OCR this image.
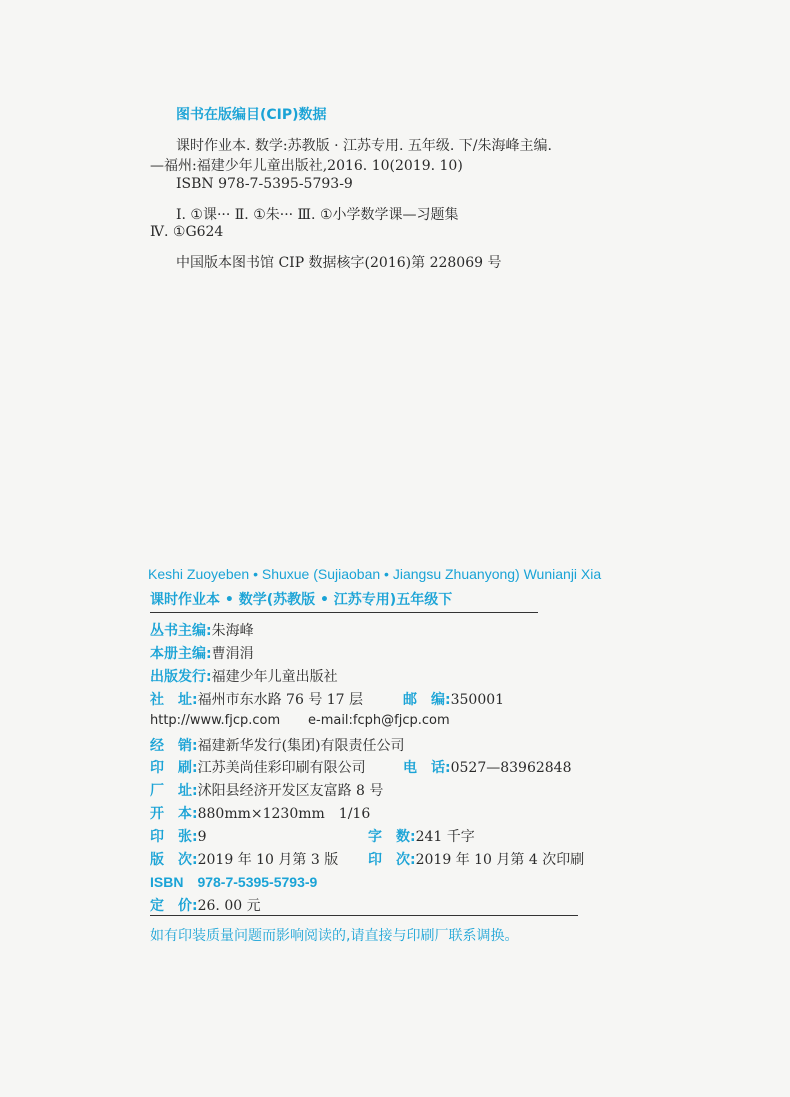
图书在版编目(CIP)数据
课时作业本. 数学:苏教版 · 江苏专用. 五年级. 下/朱海峰主编.
—福州:福建少年儿童出版社,2016. 10(2019. 10)
ISBN 978-7-5395-5793-9
Ⅰ. ①课··· Ⅱ. ①朱··· Ⅲ. ①小学数学课—习题集
Ⅳ. ①G624
中国版本图书馆 CIP 数据核字(2016)第 228069 号
Keshi Zuoyeben • Shuxue (Sujiaoban • Jiangsu Zhuanyong) Wunianji Xia
课时作业本 • 数学(苏教版 • 江苏专用)五年级下
丛书主编:朱海峰
本册主编:曹涓涓
出版发行:福建少年儿童出版社
社　址:福州市东水路 76 号 17 层	邮　编:350001
http://www.fjcp.com e-mail:fcph@fjcp.com
经　销:福建新华发行(集团)有限责任公司
印　刷:江苏美尚佳彩印刷有限公司	电　话:0527—83962848
厂　址:沭阳县经济开发区友富路 8 号
开　本:880mm×1230mm　1/16
印　张:9	字　数:241 千字
版　次:2019 年 10 月第 3 版 印　次:2019 年 10 月第 4 次印刷
ISBN　978-7-5395-5793-9
定　价:26. 00 元
如有印装质量问题而影响阅读的,请直接与印刷厂联系调换。
